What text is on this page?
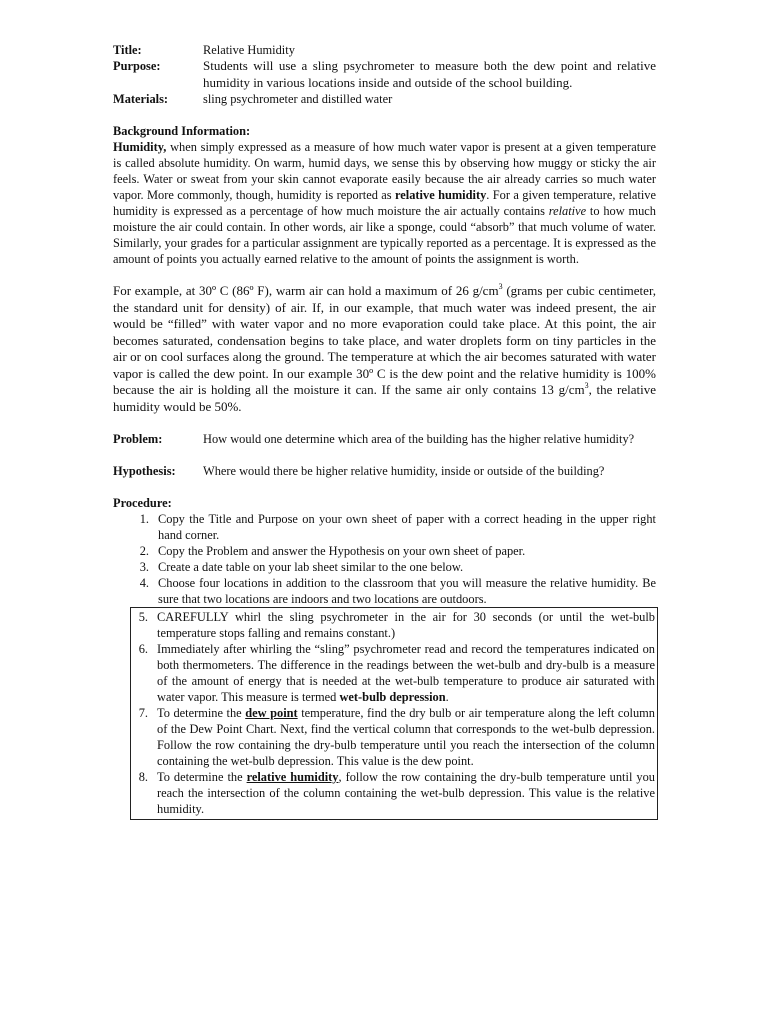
Title:	Relative Humidity
Purpose:	Students will use a sling psychrometer to measure both the dew point and relative humidity in various locations inside and outside of the school building.
Materials:	sling psychrometer and distilled water
Background Information:
Humidity, when simply expressed as a measure of how much water vapor is present at a given temperature is called absolute humidity. On warm, humid days, we sense this by observing how muggy or sticky the air feels. Water or sweat from your skin cannot evaporate easily because the air already carries so much water vapor. More commonly, though, humidity is reported as relative humidity. For a given temperature, relative humidity is expressed as a percentage of how much moisture the air actually contains relative to how much moisture the air could contain. In other words, air like a sponge, could “absorb” that much volume of water. Similarly, your grades for a particular assignment are typically reported as a percentage. It is expressed as the amount of points you actually earned relative to the amount of points the assignment is worth.
For example, at 30º C (86º F), warm air can hold a maximum of 26 $g/cm^3$ (grams per cubic centimeter, the standard unit for density) of air. If, in our example, that much water was indeed present, the air would be “filled” with water vapor and no more evaporation could take place. At this point, the air becomes saturated, condensation begins to take place, and water droplets form on tiny particles in the air or on cool surfaces along the ground. The temperature at which the air becomes saturated with water vapor is called the dew point. In our example 30º C is the dew point and the relative humidity is 100% because the air is holding all the moisture it can. If the same air only contains 13 $g/cm^3$, the relative humidity would be 50%.
Problem:	How would one determine which area of the building has the higher relative humidity?
Hypothesis:	Where would there be higher relative humidity, inside or outside of the building?
Procedure:
1. Copy the Title and Purpose on your own sheet of paper with a correct heading in the upper right hand corner.
2. Copy the Problem and answer the Hypothesis on your own sheet of paper.
3. Create a date table on your lab sheet similar to the one below.
4. Choose four locations in addition to the classroom that you will measure the relative humidity. Be sure that two locations are indoors and two locations are outdoors.
5. CAREFULLY whirl the sling psychrometer in the air for 30 seconds (or until the wet-bulb temperature stops falling and remains constant.)
6. Immediately after whirling the “sling” psychrometer read and record the temperatures indicated on both thermometers. The difference in the readings between the wet-bulb and dry-bulb is a measure of the amount of energy that is needed at the wet-bulb temperature to produce air saturated with water vapor. This measure is termed wet-bulb depression.
7. To determine the dew point temperature, find the dry bulb or air temperature along the left column of the Dew Point Chart. Next, find the vertical column that corresponds to the wet-bulb depression. Follow the row containing the dry-bulb temperature until you reach the intersection of the column containing the wet-bulb depression. This value is the dew point.
8. To determine the relative humidity, follow the row containing the dry-bulb temperature until you reach the intersection of the column containing the wet-bulb depression. This value is the relative humidity.
